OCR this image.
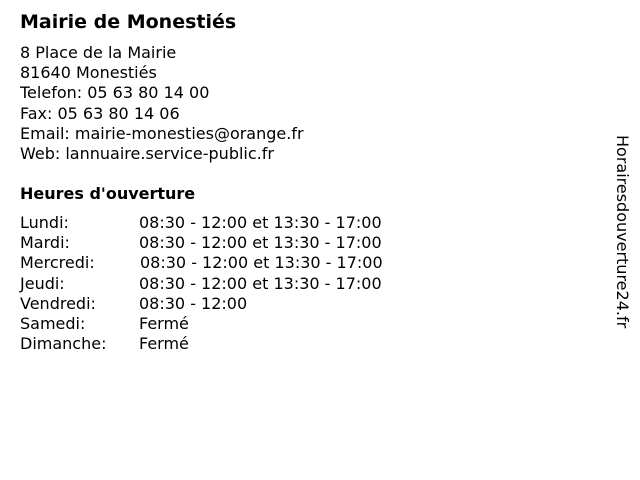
Mairie de Monestiés
8 Place de la Mairie
81640 Monestiés
Telefon: 05 63 80 14 00
Fax: 05 63 80 14 06
Email: mairie-monesties@orange.fr
Web: lannuaire.service-public.fr
Heures d'ouverture
Lundi:	08:30 - 12:00 et 13:30 - 17:00
Mardi:	08:30 - 12:00 et 13:30 - 17:00
Mercredi:	08:30 - 12:00 et 13:30 - 17:00
Jeudi:	08:30 - 12:00 et 13:30 - 17:00
Vendredi:	08:30 - 12:00
Samedi:	Fermé
Dimanche: Fermé
Horairesdouverture24.fr
